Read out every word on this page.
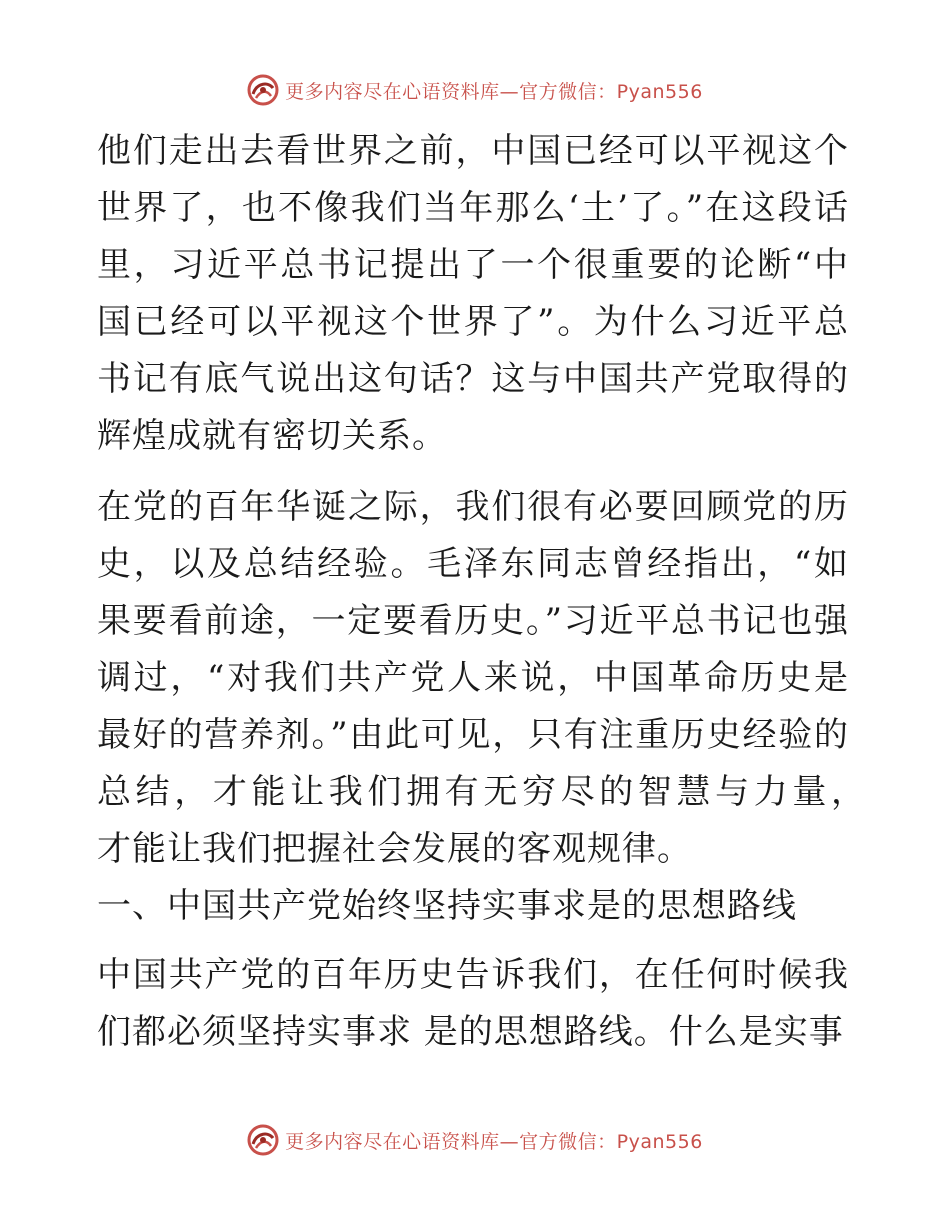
更多内容尽在心语资料库—官方微信：Pyan556

他们走出去看世界之前，中国已经可以平视这个世界了，也不像我们当年那么‘土’了。”在这段话里，习近平总书记提出了一个很重要的论断“中国已经可以平视这个世界了”。为什么习近平总书记有底气说出这句话？这与中国共产党取得的辉煌成就有密切关系。

在党的百年华诞之际，我们很有必要回顾党的历史，以及总结经验。毛泽东同志曾经指出，“如果要看前途，一定要看历史。”习近平总书记也强调过，“对我们共产党人来说，中国革命历史是最好的营养剂。”由此可见，只有注重历史经验的总结，才能让我们拥有无穷尽的智慧与力量，　才能让我们把握社会发展的客观规律。

一、中国共产党始终坚持实事求是的思想路线

中国共产党的百年历史告诉我们，在任何时候我们都必须坚持实事求 是的思想路线。什么是实事

更多内容尽在心语资料库—官方微信：Pyan556
